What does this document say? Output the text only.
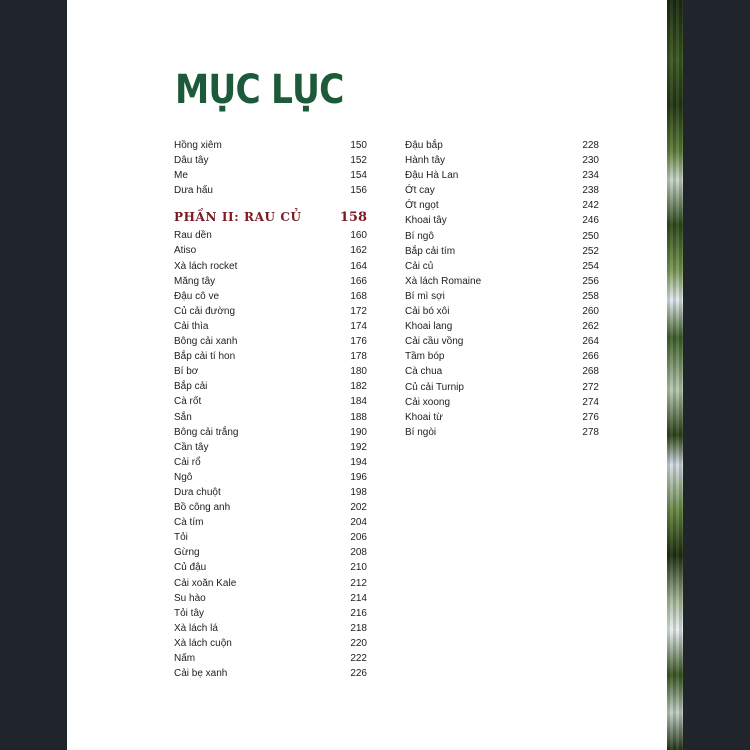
MỤC LỤC
Hồng xiêm	150
Dâu tây	152
Me	154
Dưa hấu	156
PHẦN II: RAU CỦ	158
Rau dền	160
Atiso	162
Xà lách rocket	164
Măng tây	166
Đậu cô ve	168
Củ cải đường	172
Cải thìa	174
Bông cải xanh	176
Bắp cải tí hon	178
Bí bơ	180
Bắp cải	182
Cà rốt	184
Sắn	188
Bông cải trắng	190
Cần tây	192
Cải rổ	194
Ngô	196
Dưa chuột	198
Bồ công anh	202
Cà tím	204
Tỏi	206
Gừng	208
Củ đậu	210
Cải xoăn Kale	212
Su hào	214
Tỏi tây	216
Xà lách lá	218
Xà lách cuộn	220
Nấm	222
Cải bẹ xanh	226
Đậu bắp	228
Hành tây	230
Đậu Hà Lan	234
Ớt cay	238
Ớt ngọt	242
Khoai tây	246
Bí ngô	250
Bắp cải tím	252
Cải củ	254
Xà lách Romaine	256
Bí mì sợi	258
Cải bó xôi	260
Khoai lang	262
Cải cầu vồng	264
Tầm bóp	266
Cà chua	268
Củ cải Turnip	272
Cải xoong	274
Khoai từ	276
Bí ngòi	278
